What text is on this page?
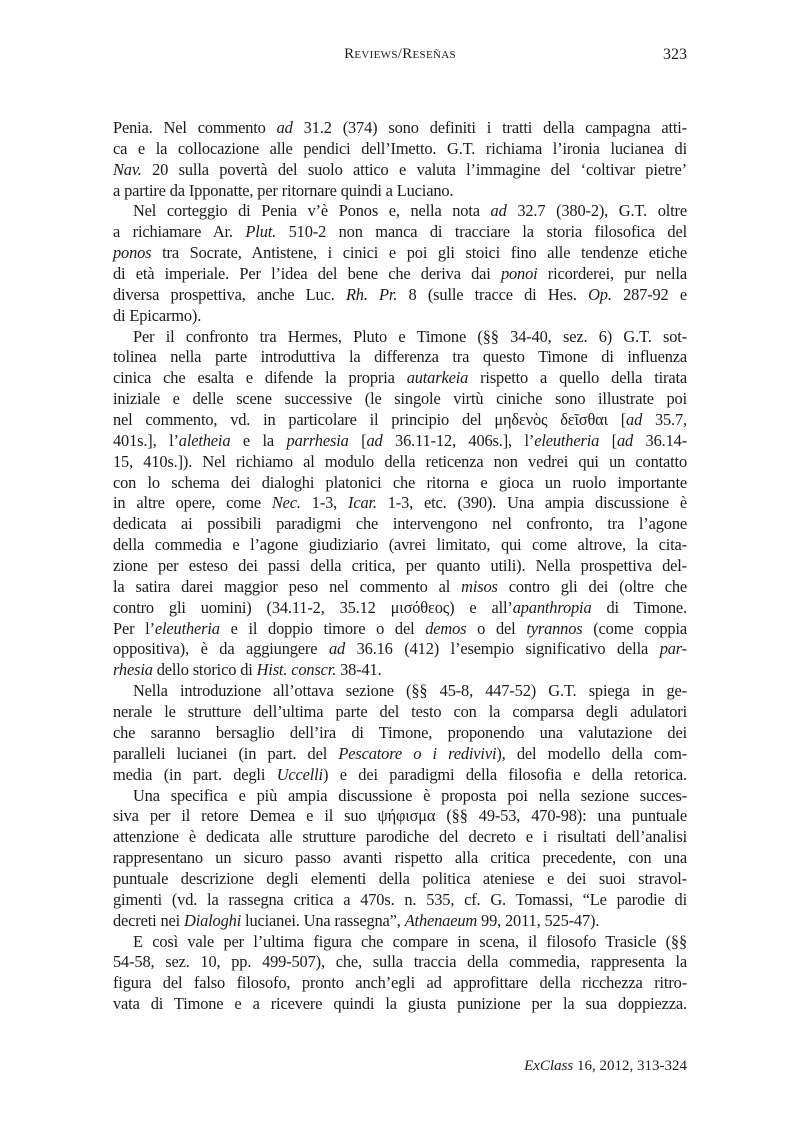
Reviews/Reseñas	323
Penia. Nel commento ad 31.2 (374) sono definiti i tratti della campagna atti-
ca e la collocazione alle pendici dell’Imetto. G.T. richiama l’ironia lucianea di
Nav. 20 sulla povertà del suolo attico e valuta l’immagine del ‘coltivar pietre’
a partire da Ipponatte, per ritornare quindi a Luciano.
Nel corteggio di Penia v’è Ponos e, nella nota ad 32.7 (380-2), G.T. oltre
a richiamare Ar. Plut. 510-2 non manca di tracciare la storia filosofica del
ponos tra Socrate, Antistene, i cinici e poi gli stoici fino alle tendenze etiche
di età imperiale. Per l’idea del bene che deriva dai ponoi ricorderei, pur nella
diversa prospettiva, anche Luc. Rh. Pr. 8 (sulle tracce di Hes. Op. 287-92 e
di Epicarmo).
Per il confronto tra Hermes, Pluto e Timone (§§ 34-40, sez. 6) G.T. sot-
tolinea nella parte introduttiva la differenza tra questo Timone di influenza
cinica che esalta e difende la propria autarkeia rispetto a quello della tirata
iniziale e delle scene successive (le singole virtù ciniche sono illustrate poi
nel commento, vd. in particolare il principio del μηδενὸς δεῖσθαι [ad 35.7,
401s.], l’aletheia e la parrhesia [ad 36.11-12, 406s.], l’eleutheria [ad 36.14-
15, 410s.]). Nel richiamo al modulo della reticenza non vedrei qui un contatto
con lo schema dei dialoghi platonici che ritorna e gioca un ruolo importante
in altre opere, come Nec. 1-3, Icar. 1-3, etc. (390). Una ampia discussione è
dedicata ai possibili paradigmi che intervengono nel confronto, tra l’agone
della commedia e l’agone giudiziario (avrei limitato, qui come altrove, la cita-
zione per esteso dei passi della critica, per quanto utili). Nella prospettiva del-
la satira darei maggior peso nel commento al misos contro gli dei (oltre che
contro gli uomini) (34.11-2, 35.12 μισόθεος) e all’apanthropia di Timone.
Per l’eleutheria e il doppio timore o del demos o del tyrannos (come coppia
oppositiva), è da aggiungere ad 36.16 (412) l’esempio significativo della par-
rhesia dello storico di Hist. conscr. 38-41.
Nella introduzione all’ottava sezione (§§ 45-8, 447-52) G.T. spiega in ge-
nerale le strutture dell’ultima parte del testo con la comparsa degli adulatori
che saranno bersaglio dell’ira di Timone, proponendo una valutazione dei
paralleli lucianei (in part. del Pescatore o i redivivi), del modello della com-
media (in part. degli Uccelli) e dei paradigmi della filosofia e della retorica.
Una specifica e più ampia discussione è proposta poi nella sezione succes-
siva per il retore Demea e il suo ψήφισμα (§§ 49-53, 470-98): una puntuale
attenzione è dedicata alle strutture parodiche del decreto e i risultati dell’analisi
rappresentano un sicuro passo avanti rispetto alla critica precedente, con una
puntuale descrizione degli elementi della politica ateniese e dei suoi stravol-
gimenti (vd. la rassegna critica a 470s. n. 535, cf. G. Tomassi, “Le parodie di
decreti nei Dialoghi lucianei. Una rassegna”, Athenaeum 99, 2011, 525-47).
E così vale per l’ultima figura che compare in scena, il filosofo Trasicle (§§
54-58, sez. 10, pp. 499-507), che, sulla traccia della commedia, rappresenta la
figura del falso filosofo, pronto anch’egli ad approfittare della ricchezza ritro-
vata di Timone e a ricevere quindi la giusta punizione per la sua doppiezza.
ExClass 16, 2012, 313-324
